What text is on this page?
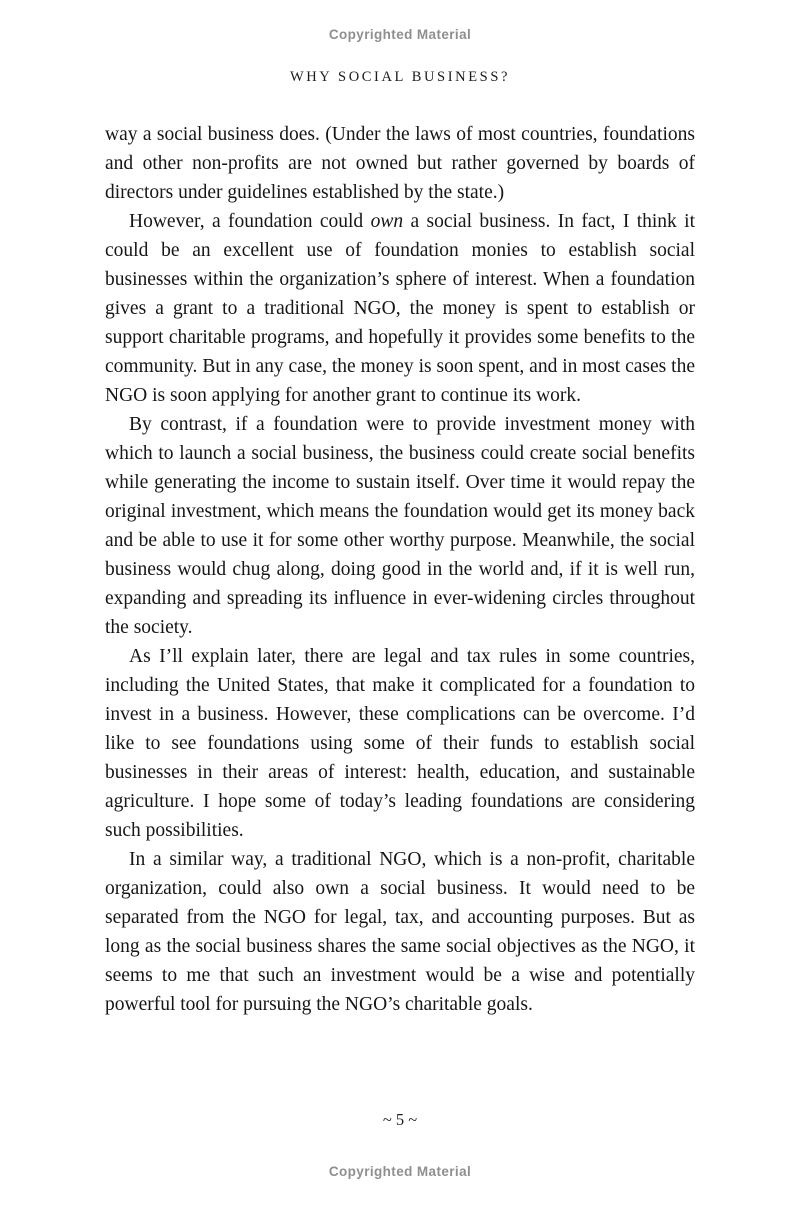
Copyrighted Material
WHY SOCIAL BUSINESS?

way a social business does. (Under the laws of most countries, foundations and other non-profits are not owned but rather governed by boards of directors under guidelines established by the state.)

However, a foundation could own a social business. In fact, I think it could be an excellent use of foundation monies to establish social businesses within the organization’s sphere of interest. When a foundation gives a grant to a traditional NGO, the money is spent to establish or support charitable programs, and hopefully it provides some benefits to the community. But in any case, the money is soon spent, and in most cases the NGO is soon applying for another grant to continue its work.

By contrast, if a foundation were to provide investment money with which to launch a social business, the business could create social benefits while generating the income to sustain itself. Over time it would repay the original investment, which means the foundation would get its money back and be able to use it for some other worthy purpose. Meanwhile, the social business would chug along, doing good in the world and, if it is well run, expanding and spreading its influence in ever-widening circles throughout the society.

As I’ll explain later, there are legal and tax rules in some countries, including the United States, that make it complicated for a foundation to invest in a business. However, these complications can be overcome. I’d like to see foundations using some of their funds to establish social businesses in their areas of interest: health, education, and sustainable agriculture. I hope some of today’s leading foundations are considering such possibilities.

In a similar way, a traditional NGO, which is a non-profit, charitable organization, could also own a social business. It would need to be separated from the NGO for legal, tax, and accounting purposes. But as long as the social business shares the same social objectives as the NGO, it seems to me that such an investment would be a wise and potentially powerful tool for pursuing the NGO’s charitable goals.

~ 5 ~
Copyrighted Material
